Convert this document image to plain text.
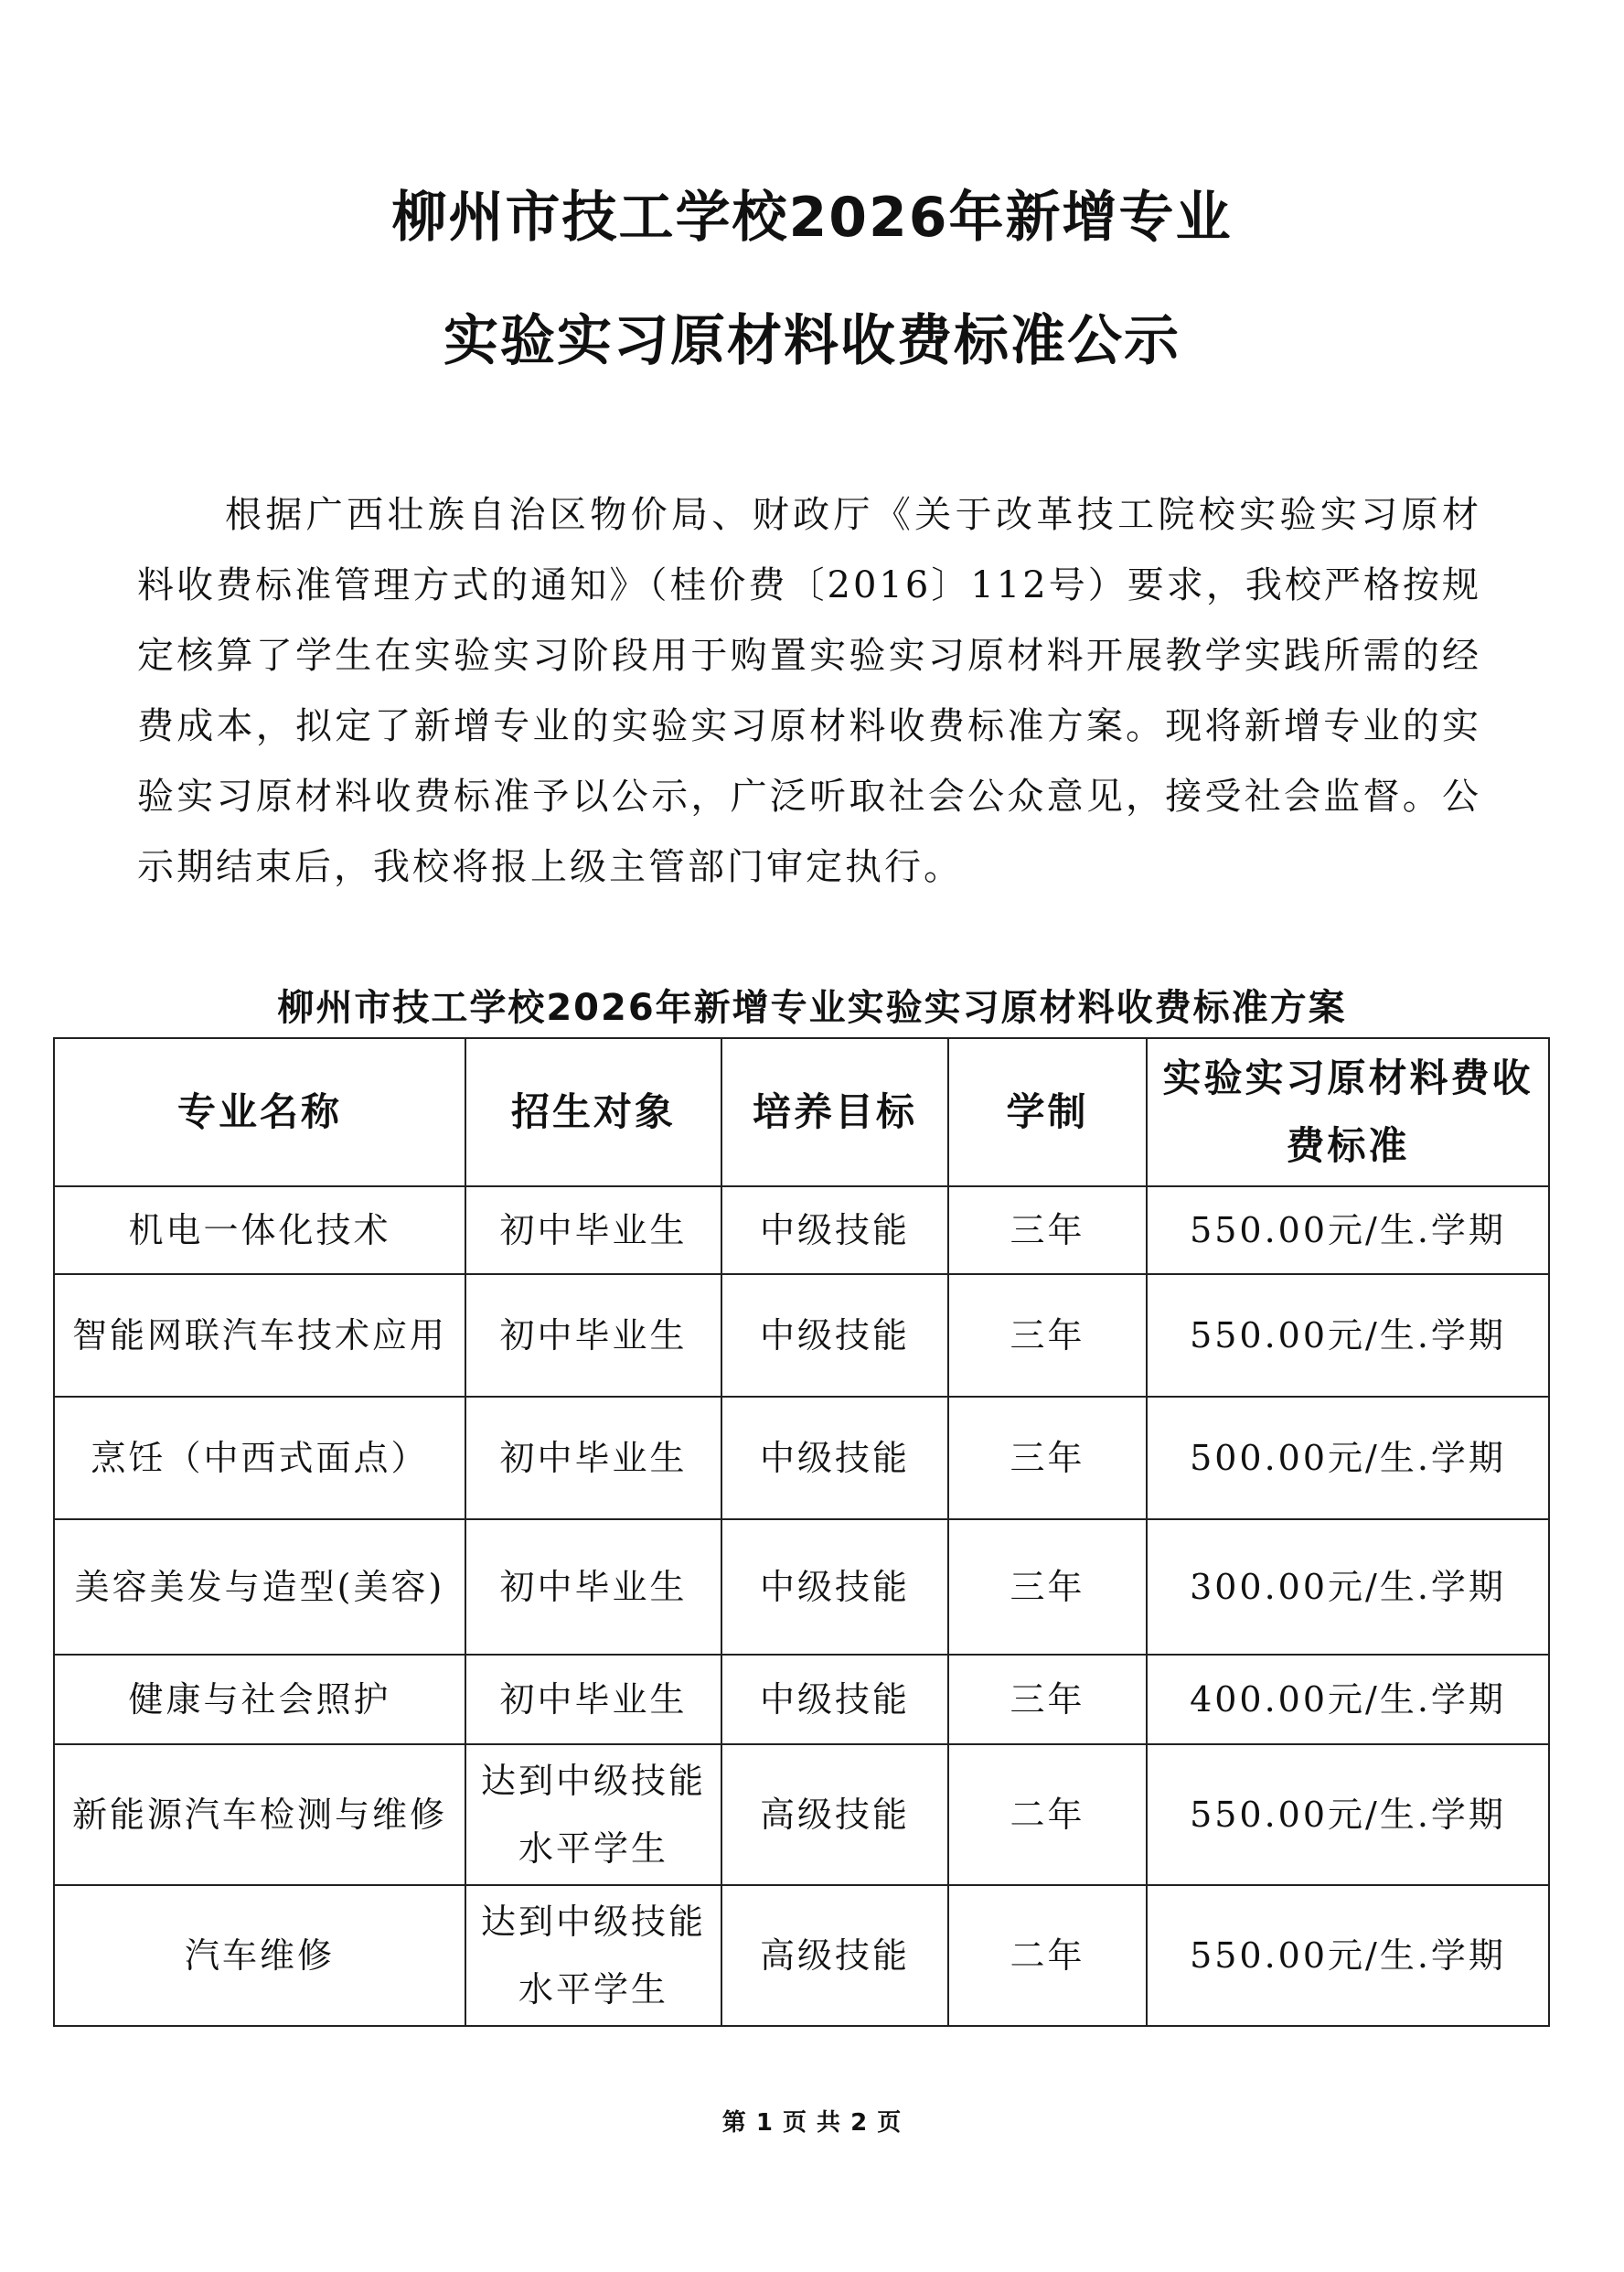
柳州市技工学校2026年新增专业
实验实习原材料收费标准公示

根据广西壮族自治区物价局、财政厅《关于改革技工院校实验实习原材料收费标准管理方式的通知》（桂价费〔2016〕112号）要求，我校严格按规定核算了学生在实验实习阶段用于购置实验实习原材料开展教学实践所需的经费成本，拟定了新增专业的实验实习原材料收费标准方案。现将新增专业的实验实习原材料收费标准予以公示，广泛听取社会公众意见，接受社会监督。公示期结束后，我校将报上级主管部门审定执行。

柳州市技工学校2026年新增专业实验实习原材料收费标准方案
专业名称	招生对象	培养目标	学制	实验实习原材料费收费标准
机电一体化技术	初中毕业生	中级技能	三年	550.00元/生.学期
智能网联汽车技术应用	初中毕业生	中级技能	三年	550.00元/生.学期
烹饪（中西式面点）	初中毕业生	中级技能	三年	500.00元/生.学期
美容美发与造型(美容)	初中毕业生	中级技能	三年	300.00元/生.学期
健康与社会照护	初中毕业生	中级技能	三年	400.00元/生.学期
新能源汽车检测与维修	达到中级技能水平学生	高级技能	二年	550.00元/生.学期
汽车维修	达到中级技能水平学生	高级技能	二年	550.00元/生.学期
第 1 页 共 2 页
